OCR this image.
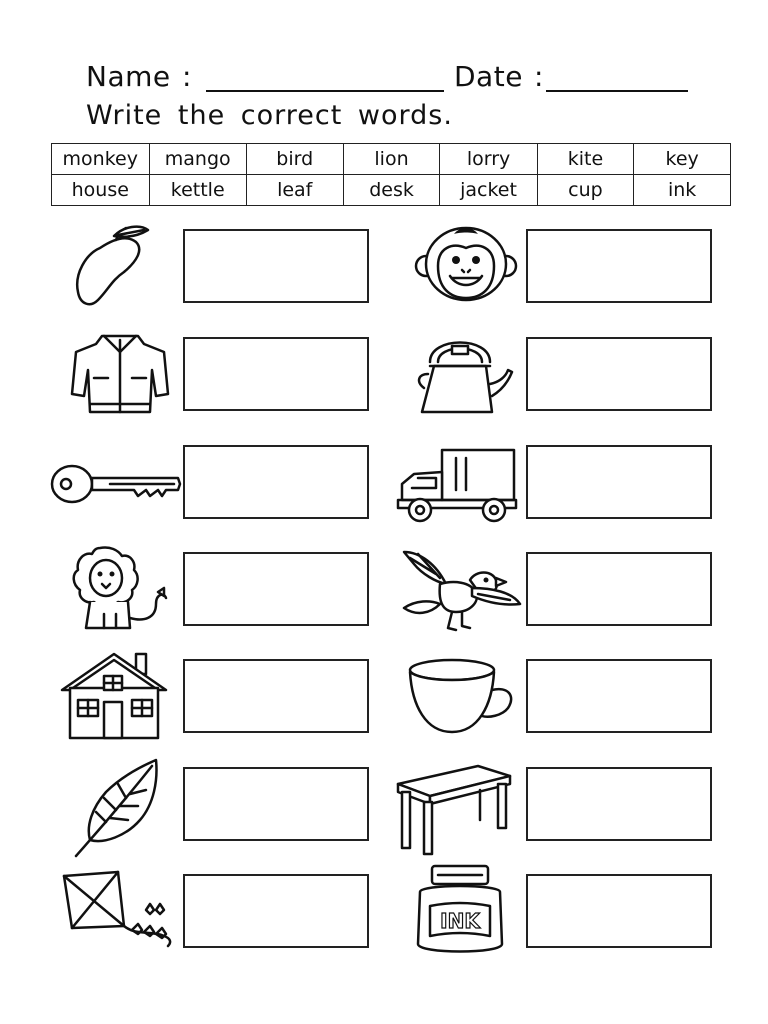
Name :	Date :
Write the correct words.
monkey	mango	bird	lion	lorry	kite	key
house	kettle	leaf	desk	jacket	cup	ink
INK
